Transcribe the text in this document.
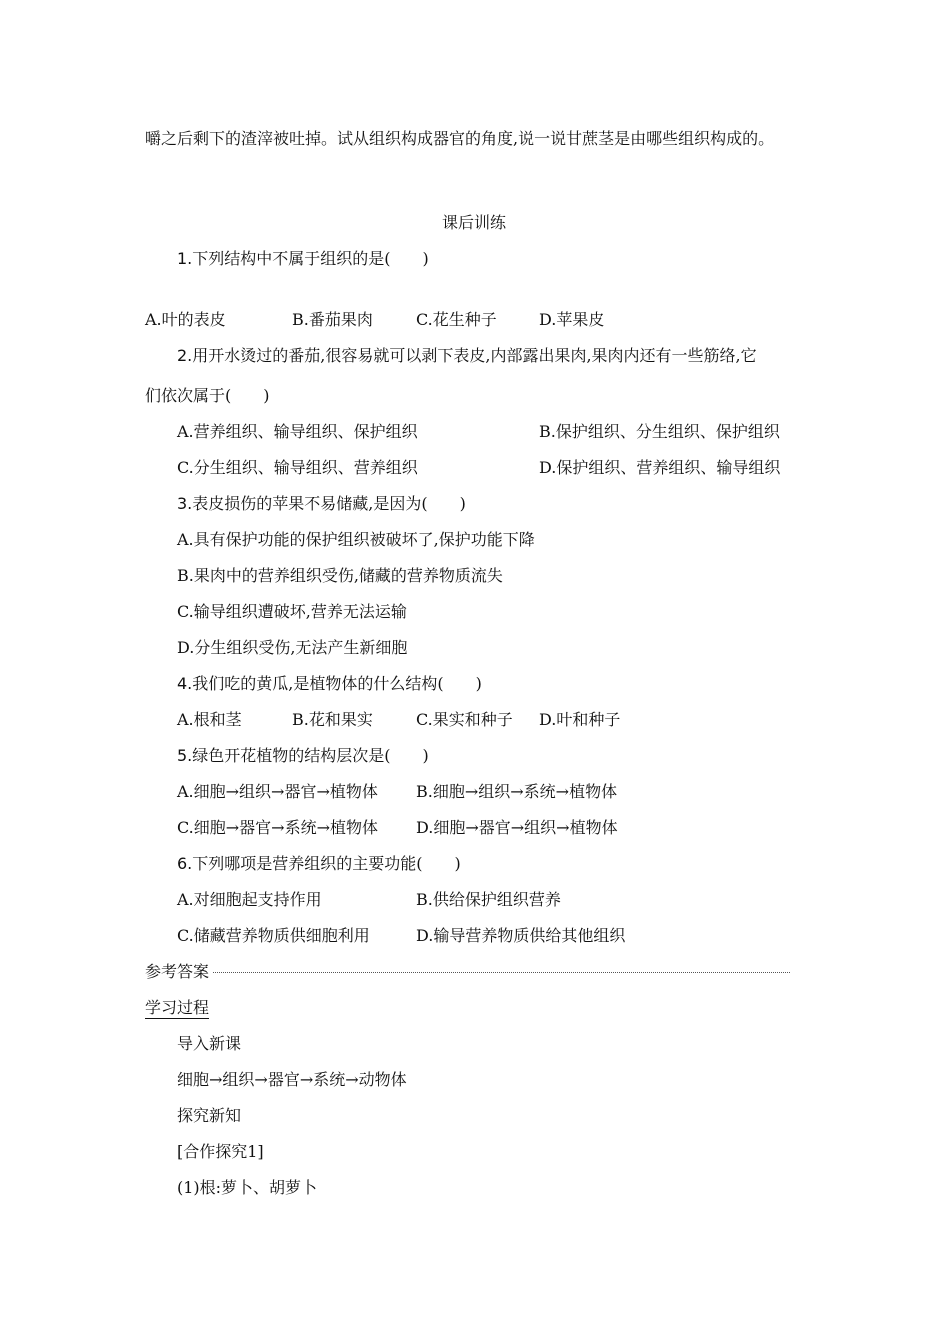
嚼之后剩下的渣滓被吐掉。试从组织构成器官的角度,说一说甘蔗茎是由哪些组织构成的。
课后训练
1.下列结构中不属于组织的是(　　)
A.叶的表皮	B.番茄果肉	C.花生种子	D.苹果皮
2.用开水烫过的番茄,很容易就可以剥下表皮,内部露出果肉,果肉内还有一些筋络,它
们依次属于(　　)
A.营养组织、输导组织、保护组织	B.保护组织、分生组织、保护组织
C.分生组织、输导组织、营养组织	D.保护组织、营养组织、输导组织
3.表皮损伤的苹果不易储藏,是因为(　　)
A.具有保护功能的保护组织被破坏了,保护功能下降
B.果肉中的营养组织受伤,储藏的营养物质流失
C.输导组织遭破坏,营养无法运输
D.分生组织受伤,无法产生新细胞
4.我们吃的黄瓜,是植物体的什么结构(　　)
A.根和茎	B.花和果实	C.果实和种子 D.叶和种子
5.绿色开花植物的结构层次是(　　)
A.细胞→组织→器官→植物体 B.细胞→组织→系统→植物体
C.细胞→器官→系统→植物体 D.细胞→器官→组织→植物体
6.下列哪项是营养组织的主要功能(　　)
A.对细胞起支持作用	B.供给保护组织营养
C.储藏营养物质供细胞利用	D.输导营养物质供给其他组织
参考答案
学习过程
导入新课
细胞→组织→器官→系统→动物体
探究新知
[合作探究1]
(1)根:萝卜、胡萝卜
